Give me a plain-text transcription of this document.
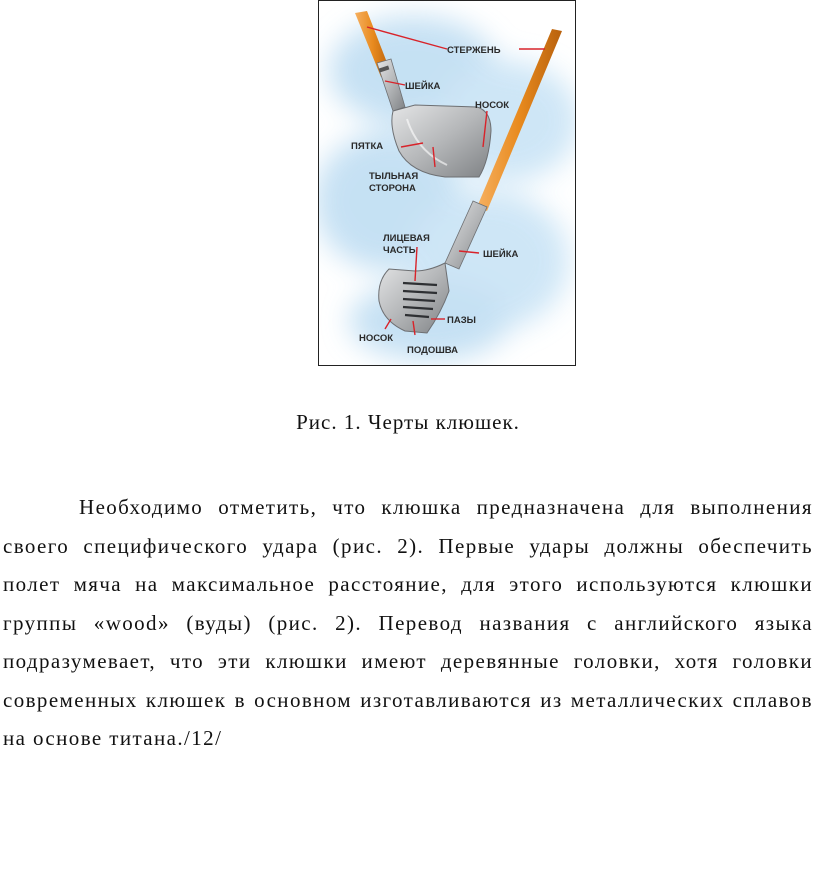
СТЕРЖЕНЬ
ШЕЙКА
НОСОК
ПЯТКА
ТЫЛЬНАЯ
СТОРОНА
ЛИЦЕВАЯ
ЧАСТЬ	ШЕЙКА
ПАЗЫ
НОСОК
ПОДОШВА
Рис. 1. Черты клюшек.

Необходимо отметить, что клюшка предназначена для выполнения своего специфического удара (рис. 2). Первые удары должны обеспечить полет мяча на максимальное расстояние, для этого используются клюшки группы «wood» (вуды) (рис. 2). Перевод названия с английского языка подразумевает, что эти клюшки имеют деревянные головки, хотя головки современных клюшек в основном изготавливаются из металлических сплавов на основе титана./12/
